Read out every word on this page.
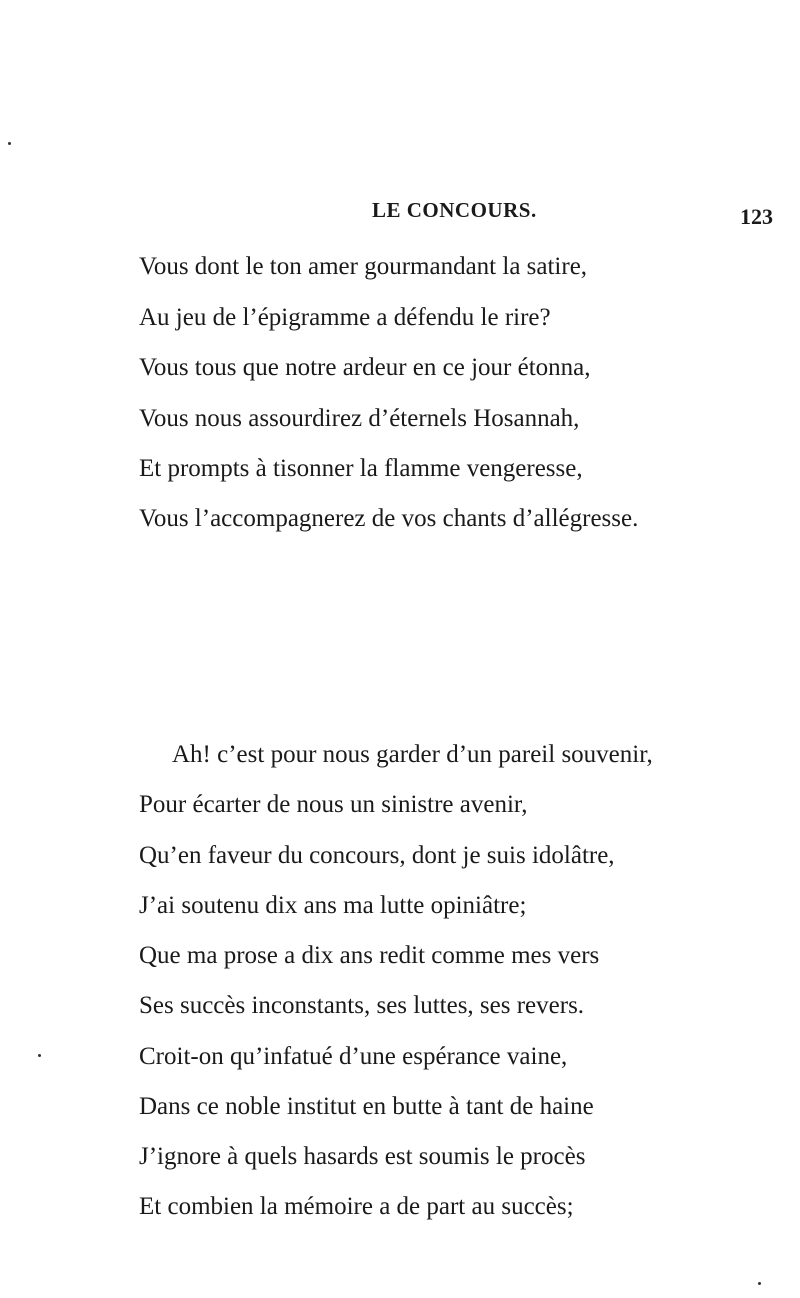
LE CONCOURS.	123
Vous dont le ton amer gourmandant la satire,
Au jeu de l’épigramme a défendu le rire?
Vous tous que notre ardeur en ce jour étonna,
Vous nous assourdirez d’éternels Hosannah,
Et prompts à tisonner la flamme vengeresse,
Vous l’accompagnerez de vos chants d’allégresse.
Ah! c’est pour nous garder d’un pareil souvenir,
Pour écarter de nous un sinistre avenir,
Qu’en faveur du concours, dont je suis idolâtre,
J’ai soutenu dix ans ma lutte opiniâtre;
Que ma prose a dix ans redit comme mes vers
Ses succès inconstants, ses luttes, ses revers.
Croit-on qu’infatué d’une espérance vaine,
Dans ce noble institut en butte à tant de haine
J’ignore à quels hasards est soumis le procès
Et combien la mémoire a de part au succès;
